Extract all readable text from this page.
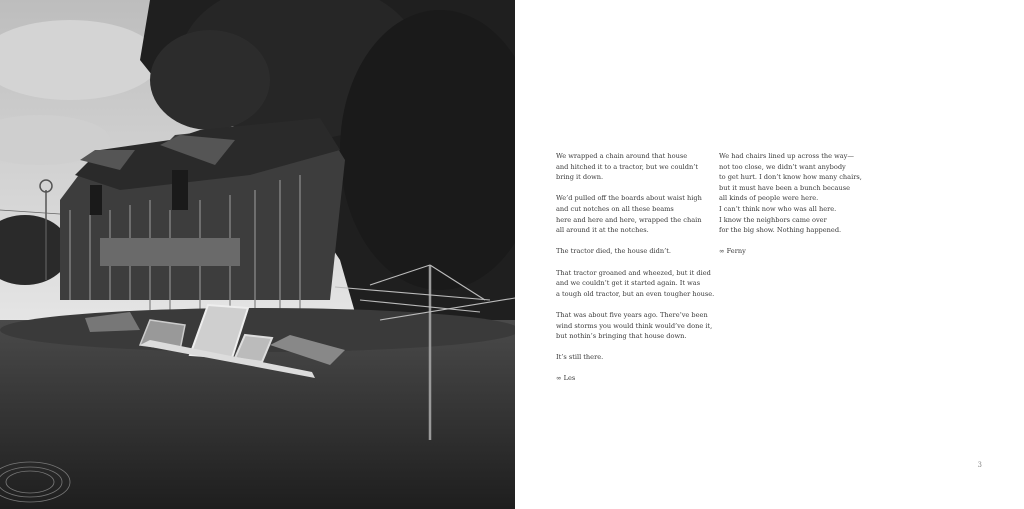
We wrapped a chain around that house
and hitched it to a tractor, but we couldn’t
bring it down.

We’d pulled off the boards about waist high
and cut notches on all these beams
here and here and here, wrapped the chain
all around it at the notches.

The tractor died, the house didn’t.

That tractor groaned and wheezed, but it died
and we couldn’t get it started again. It was
a tough old tractor, but an even tougher house.

That was about five years ago. There’ve been
wind storms you would think would’ve done it,
but nothin’s bringing that house down.

It’s still there.

∞ Les

We had chairs lined up across the way—
not too close, we didn’t want anybody
to get hurt. I don’t know how many chairs,
but it must have been a bunch because
all kinds of people were here.
I can’t think now who was all here.
I know the neighbors came over
for the big show. Nothing happened.

∞ Ferny

3
